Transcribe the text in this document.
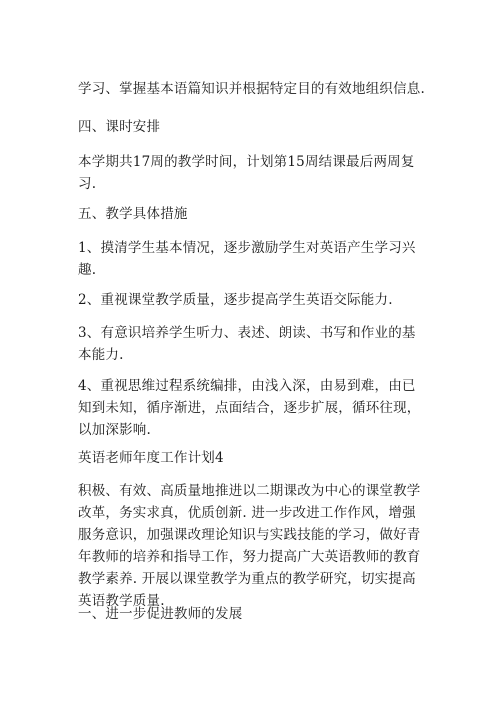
学习、掌握基本语篇知识并根据特定目的有效地组织信息.

四、课时安排

本学期共17周的教学时间，计划第15周结课最后两周复习.

五、教学具体措施

1、摸清学生基本情况，逐步激励学生对英语产生学习兴趣.

2、重视课堂教学质量，逐步提高学生英语交际能力.

3、有意识培养学生听力、表述、朗读、书写和作业的基本能力.

4、重视思维过程系统编排，由浅入深，由易到难，由已知到未知，循序渐进，点面结合，逐步扩展，循环往现，以加深影响.

英语老师年度工作计划4

积极、有效、高质量地推进以二期课改为中心的课堂教学改革，务实求真，优质创新. 进一步改进工作作风，增强服务意识，加强课改理论知识与实践技能的学习，做好青年教师的培养和指导工作，努力提高广大英语教师的教育教学素养. 开展以课堂教学为重点的教学研究，切实提高英语教学质量.

一、进一步促进教师的发展
